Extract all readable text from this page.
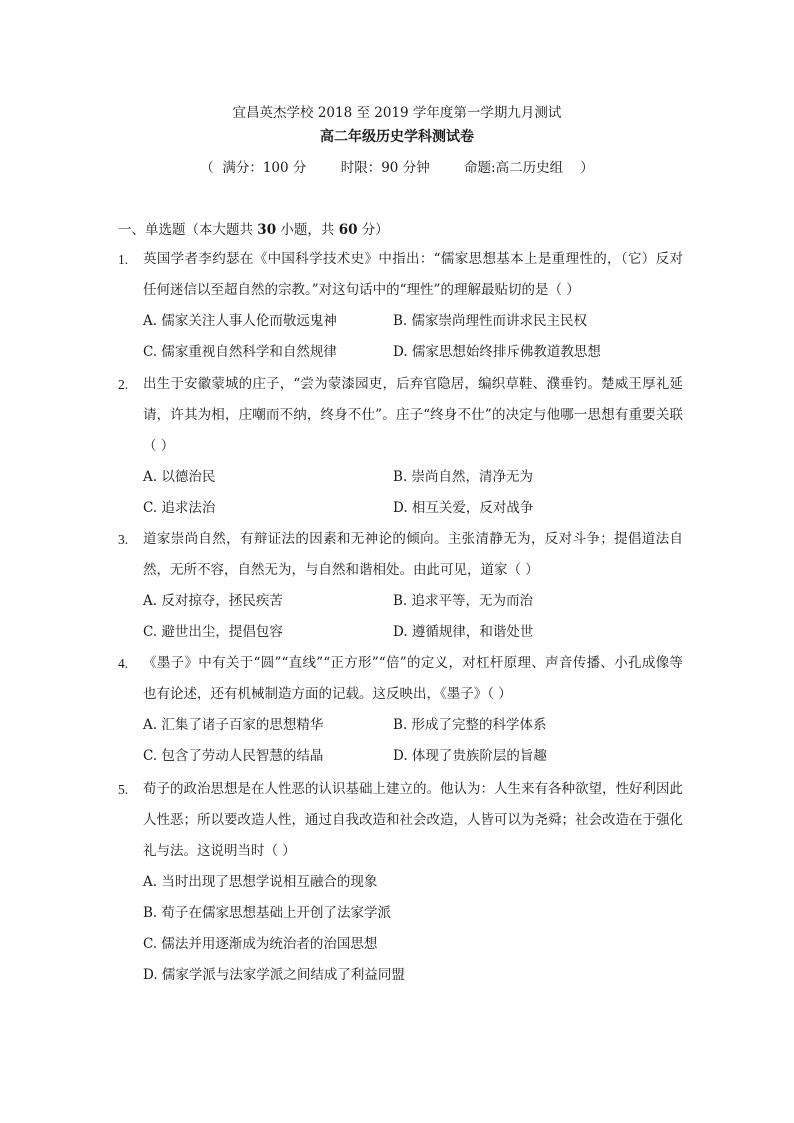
宜昌英杰学校 2018 至 2019 学年度第一学期九月测试
高二年级历史学科测试卷
（  满分：100 分        时限：90 分钟        命题:高二历史组    ）
一、单选题（本大题共 30 小题，共 60 分）
1.	英国学者李约瑟在《中国科学技术史》中指出：“儒家思想基本上是重理性的，（它）反对任何迷信以至超自然的宗教。”对这句话中的“理性”的理解最贴切的是（ ）
A. 儒家关注人事人伦而敬远鬼神	B. 儒家崇尚理性而讲求民主民权
C. 儒家重视自然科学和自然规律	D. 儒家思想始终排斥佛教道教思想
2.	出生于安徽蒙城的庄子，“尝为蒙漆园吏，后弃官隐居，编织草鞋、濮垂钓。楚威王厚礼延请，许其为相，庄嘲而不纳，终身不仕”。庄子“终身不仕”的决定与他哪一思想有重要关联（ ）
A. 以德治民	B. 崇尚自然，清净无为
C. 追求法治	D. 相互关爱，反对战争
3.	道家崇尚自然，有辩证法的因素和无神论的倾向。主张清静无为，反对斗争；提倡道法自然，无所不容，自然无为，与自然和谐相处。由此可见，道家（ ）
A. 反对掠夺，拯民疾苦	B. 追求平等，无为而治
C. 避世出尘，提倡包容	D. 遵循规律，和谐处世
4.	《墨子》中有关于“圆”“直线”“正方形”“倍”的定义，对杠杆原理、声音传播、小孔成像等也有论述，还有机械制造方面的记载。这反映出，《墨子》（ ）
A. 汇集了诸子百家的思想精华	B. 形成了完整的科学体系
C. 包含了劳动人民智慧的结晶	D. 体现了贵族阶层的旨趣
5.	荀子的政治思想是在人性恶的认识基础上建立的。他认为：人生来有各种欲望，性好利因此人性恶；所以要改造人性，通过自我改造和社会改造，人皆可以为尧舜；社会改造在于强化礼与法。这说明当时（ ）
A. 当时出现了思想学说相互融合的现象
B. 荀子在儒家思想基础上开创了法家学派
C. 儒法并用逐渐成为统治者的治国思想
D. 儒家学派与法家学派之间结成了利益同盟
